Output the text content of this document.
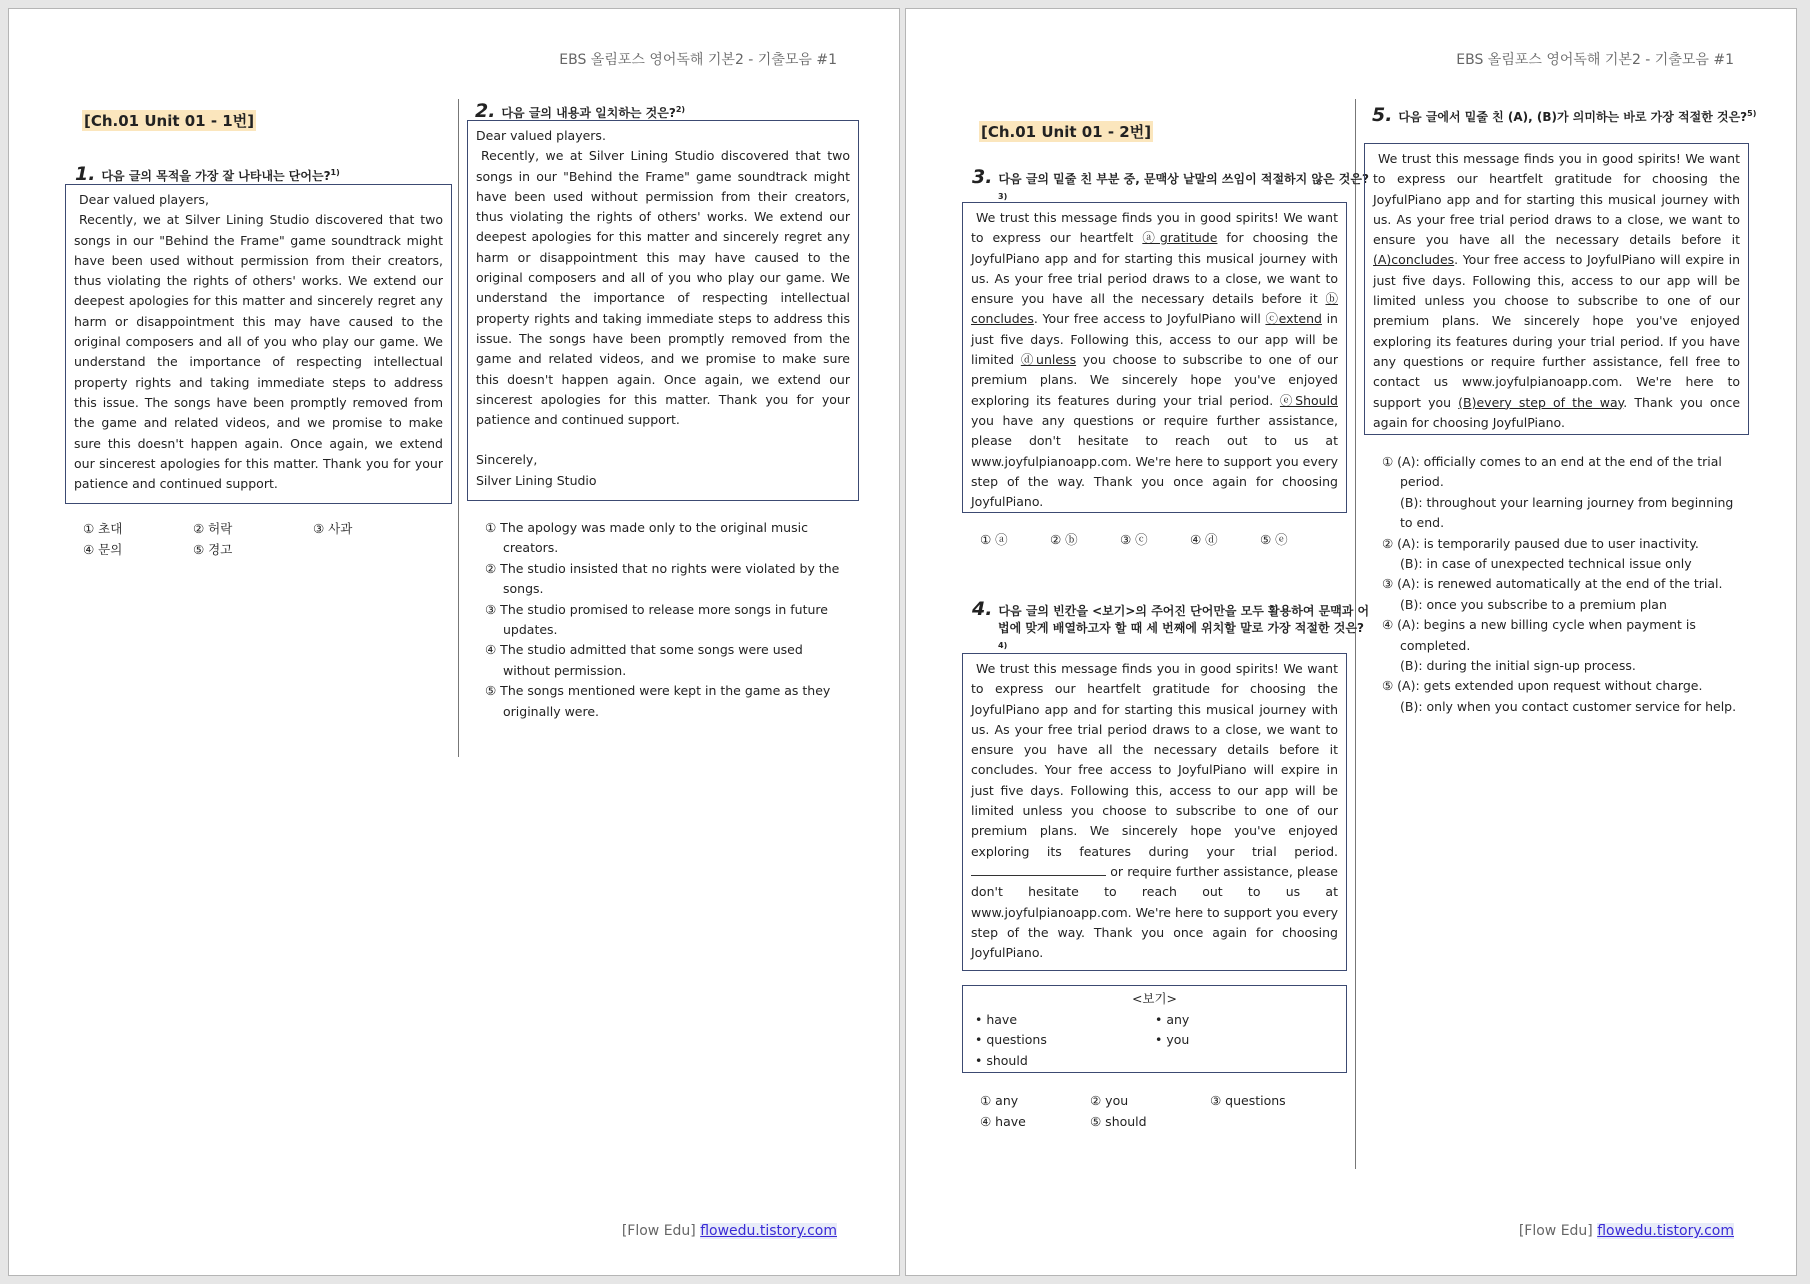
EBS 올림포스 영어독해 기본2 - 기출모음 #1
[Ch.01 Unit 01 - 1번]
1. 다음 글의 목적을 가장 잘 나타내는 단어는?$^{1)}$

Dear valued players,

Recently, we at Silver Lining Studio discovered that two songs in our "Behind the Frame" game soundtrack might have been used without permission from their creators, thus violating the rights of others' works. We extend our deepest apologies for this matter and sincerely regret any harm or disappointment this may have caused to the original composers and all of you who play our game. We understand the importance of respecting intellectual property rights and taking immediate steps to address this issue. The songs have been promptly removed from the game and related videos, and we promise to make sure this doesn't happen again. Once again, we extend our sincerest apologies for this matter. Thank you for your patience and continued support.

① 초대	② 허락	③ 사과
④ 문의	⑤ 경고
2. 다음 글의 내용과 일치하는 것은?$^{2)}$

Dear valued players.

Recently, we at Silver Lining Studio discovered that two songs in our "Behind the Frame" game soundtrack might have been used without permission from their creators, thus violating the rights of others' works. We extend our deepest apologies for this matter and sincerely regret any harm or disappointment this may have caused to the original composers and all of you who play our game. We understand the importance of respecting intellectual property rights and taking immediate steps to address this issue. The songs have been promptly removed from the game and related videos, and we promise to make sure this doesn't happen again. Once again, we extend our sincerest apologies for this matter. Thank you for your patience and continued support.

Sincerely,

Silver Lining Studio

① The apology was made only to the original music creators.
② The studio insisted that no rights were violated by the songs.
③ The studio promised to release more songs in future updates.
④ The studio admitted that some songs were used without permission.
⑤ The songs mentioned were kept in the game as they originally were.
[Flow Edu] flowedu.tistory.com
EBS 올림포스 영어독해 기본2 - 기출모음 #1
[Ch.01 Unit 01 - 2번]
3. 다음 글의 밑줄 친 부분 중, 문맥상 낱말의 쓰임이 적절하지 않은 것은?$^{3)}$

We trust this message finds you in good spirits! We want to express our heartfelt ⓐgratitude for choosing the JoyfulPiano app and for starting this musical journey with us. As your free trial period draws to a close, we want to ensure you have all the necessary details before it ⓑ concludes. Your free access to JoyfulPiano will ⓒextend in just five days. Following this, access to our app will be limited ⓓunless you choose to subscribe to one of our premium plans. We sincerely hope you've enjoyed exploring its features during your trial period. ⓔShould you have any questions or require further assistance, please don't hesitate to reach out to us at www.joyfulpianoapp.com. We're here to support you every step of the way. Thank you once again for choosing JoyfulPiano.

① ⓐ	② ⓑ	③ ⓒ	④ ⓓ	⑤ ⓔ
4. 다음 글의 빈칸을 <보기>의 주어진 단어만을 모두 활용하여 문맥과 어법에 맞게 배열하고자 할 때 세 번째에 위치할 말로 가장 적절한 것은?$^{4)}$

We trust this message finds you in good spirits! We want to express our heartfelt gratitude for choosing the JoyfulPiano app and for starting this musical journey with us. As your free trial period draws to a close, we want to ensure you have all the necessary details before it concludes. Your free access to JoyfulPiano will expire in just five days. Following this, access to our app will be limited unless you choose to subscribe to one of our premium plans. We sincerely hope you've enjoyed exploring its features during your trial period.  or require further assistance, please don't hesitate to reach out to us at www.joyfulpianoapp.com. We're here to support you every step of the way. Thank you once again for choosing JoyfulPiano.

<보기>
• have	• any
• questions	• you
• should
① any	② you	③ questions
④ have	⑤ should
5. 다음 글에서 밑줄 친 (A), (B)가 의미하는 바로 가장 적절한 것은?$^{5)}$

We trust this message finds you in good spirits! We want to express our heartfelt gratitude for choosing the JoyfulPiano app and for starting this musical journey with us. As your free trial period draws to a close, we want to ensure you have all the necessary details before it (A)concludes. Your free access to JoyfulPiano will expire in just five days. Following this, access to our app will be limited unless you choose to subscribe to one of our premium plans. We sincerely hope you've enjoyed exploring its features during your trial period. If you have any questions or require further assistance, fell free to contact us www.joyfulpianoapp.com. We're here to support you (B)every step of the way. Thank you once again for choosing JoyfulPiano.

① (A): officially comes to an end at the end of the trial period.
(B): throughout your learning journey from beginning to end.
② (A): is temporarily paused due to user inactivity.
(B): in case of unexpected technical issue only
③ (A): is renewed automatically at the end of the trial.
(B): once you subscribe to a premium plan
④ (A): begins a new billing cycle when payment is completed.
(B): during the initial sign-up process.
⑤ (A): gets extended upon request without charge.
(B): only when you contact customer service for help.
[Flow Edu] flowedu.tistory.com
